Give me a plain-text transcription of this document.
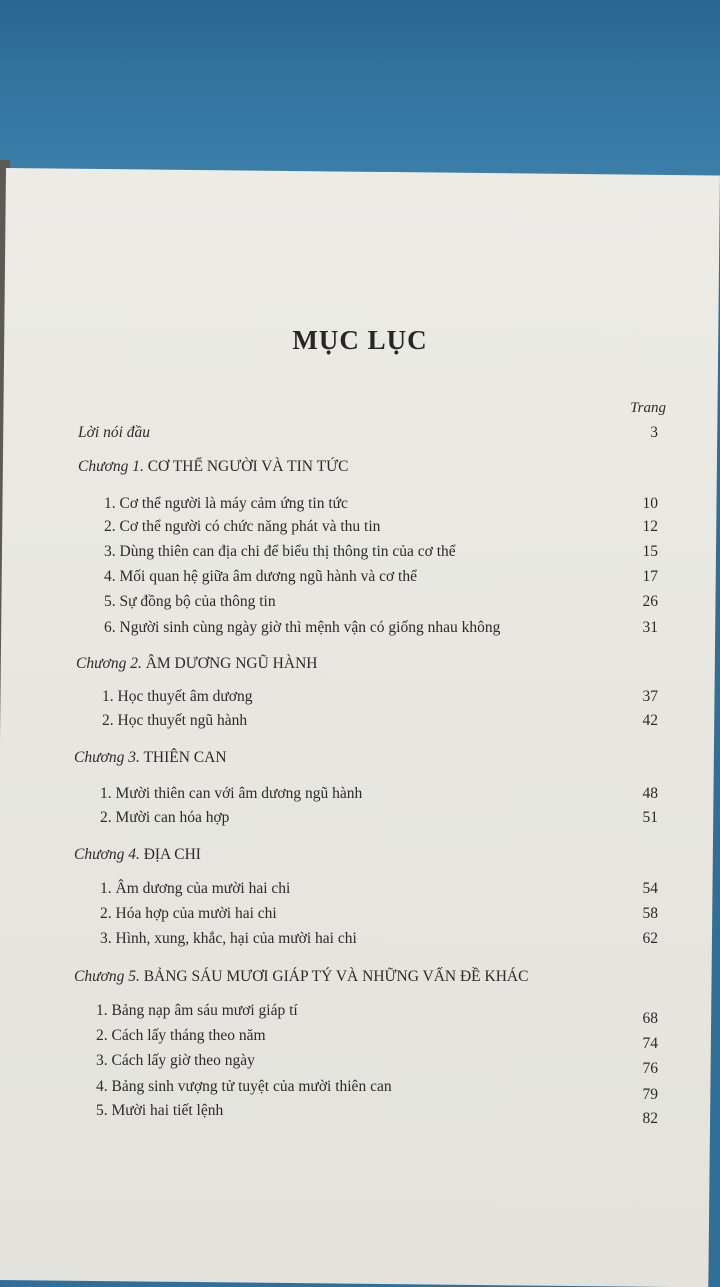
MỤC LỤC
Trang
Lời nói đầu	3
Chương 1. CƠ THỂ NGƯỜI VÀ TIN TỨC
1. Cơ thể người là máy cảm ứng tin tức	10
2. Cơ thể người có chức năng phát và thu tin	12
3. Dùng thiên can địa chi để biểu thị thông tin của cơ thể	15
4. Mối quan hệ giữa âm dương ngũ hành và cơ thể	17
5. Sự đồng bộ của thông tin	26
6. Người sinh cùng ngày giờ thì mệnh vận có giống nhau không	31
Chương 2. ÂM DƯƠNG NGŨ HÀNH
1. Học thuyết âm dương	37
2. Học thuyết ngũ hành	42
Chương 3. THIÊN CAN
1. Mười thiên can với âm dương ngũ hành	48
2. Mười can hóa hợp	51
Chương 4. ĐỊA CHI
1. Âm dương của mười hai chi	54
2. Hóa hợp của mười hai chi	58
3. Hình, xung, khắc, hại của mười hai chi	62
Chương 5. BẢNG SÁU MƯƠI GIÁP TÝ VÀ NHỮNG VẤN ĐỀ KHÁC
1. Bảng nạp âm sáu mươi giáp tí	68
2. Cách lấy tháng theo năm	74
3. Cách lấy giờ theo ngày	76
4. Bảng sinh vượng tử tuyệt của mười thiên can	79
5. Mười hai tiết lệnh	82
